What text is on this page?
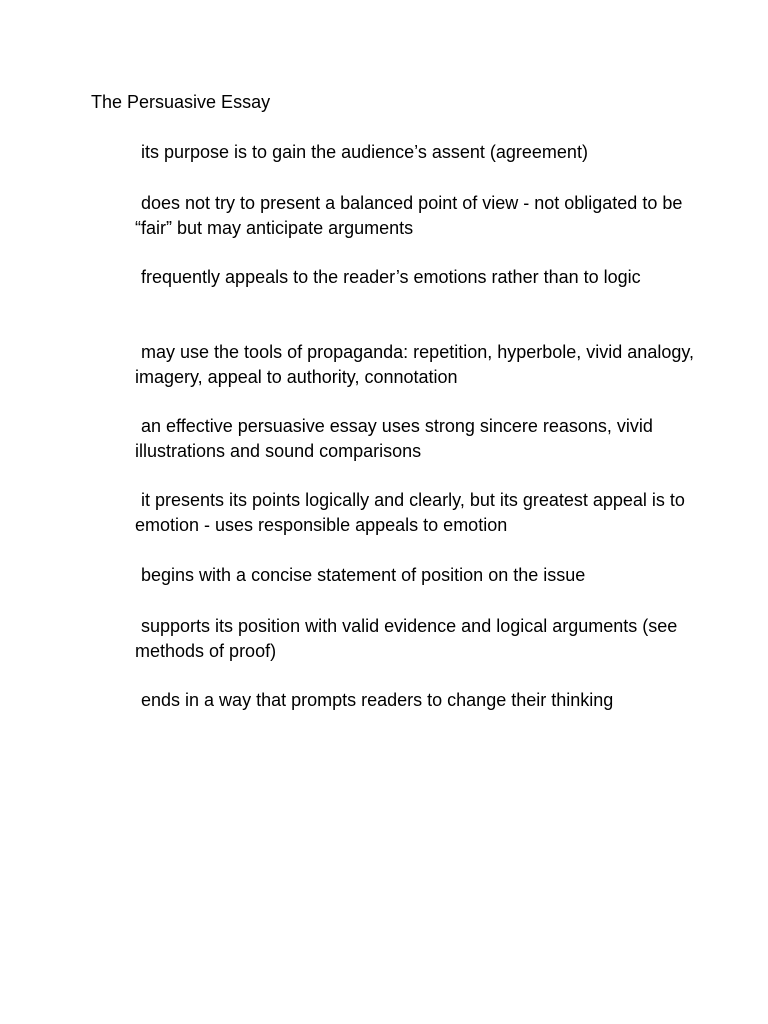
The Persuasive Essay

its purpose is to gain the audience’s assent (agreement)

does not try to present a balanced point of view - not obligated to be “fair” but may anticipate arguments

frequently appeals to the reader’s emotions rather than to logic

may use the tools of propaganda: repetition, hyperbole, vivid analogy, imagery, appeal to authority, connotation

an effective persuasive essay uses strong sincere reasons, vivid illustrations and sound comparisons

it presents its points logically and clearly, but its greatest appeal is to emotion - uses responsible appeals to emotion

begins with a concise statement of position on the issue

supports its position with valid evidence and logical arguments (see methods of proof)

ends in a way that prompts readers to change their thinking
